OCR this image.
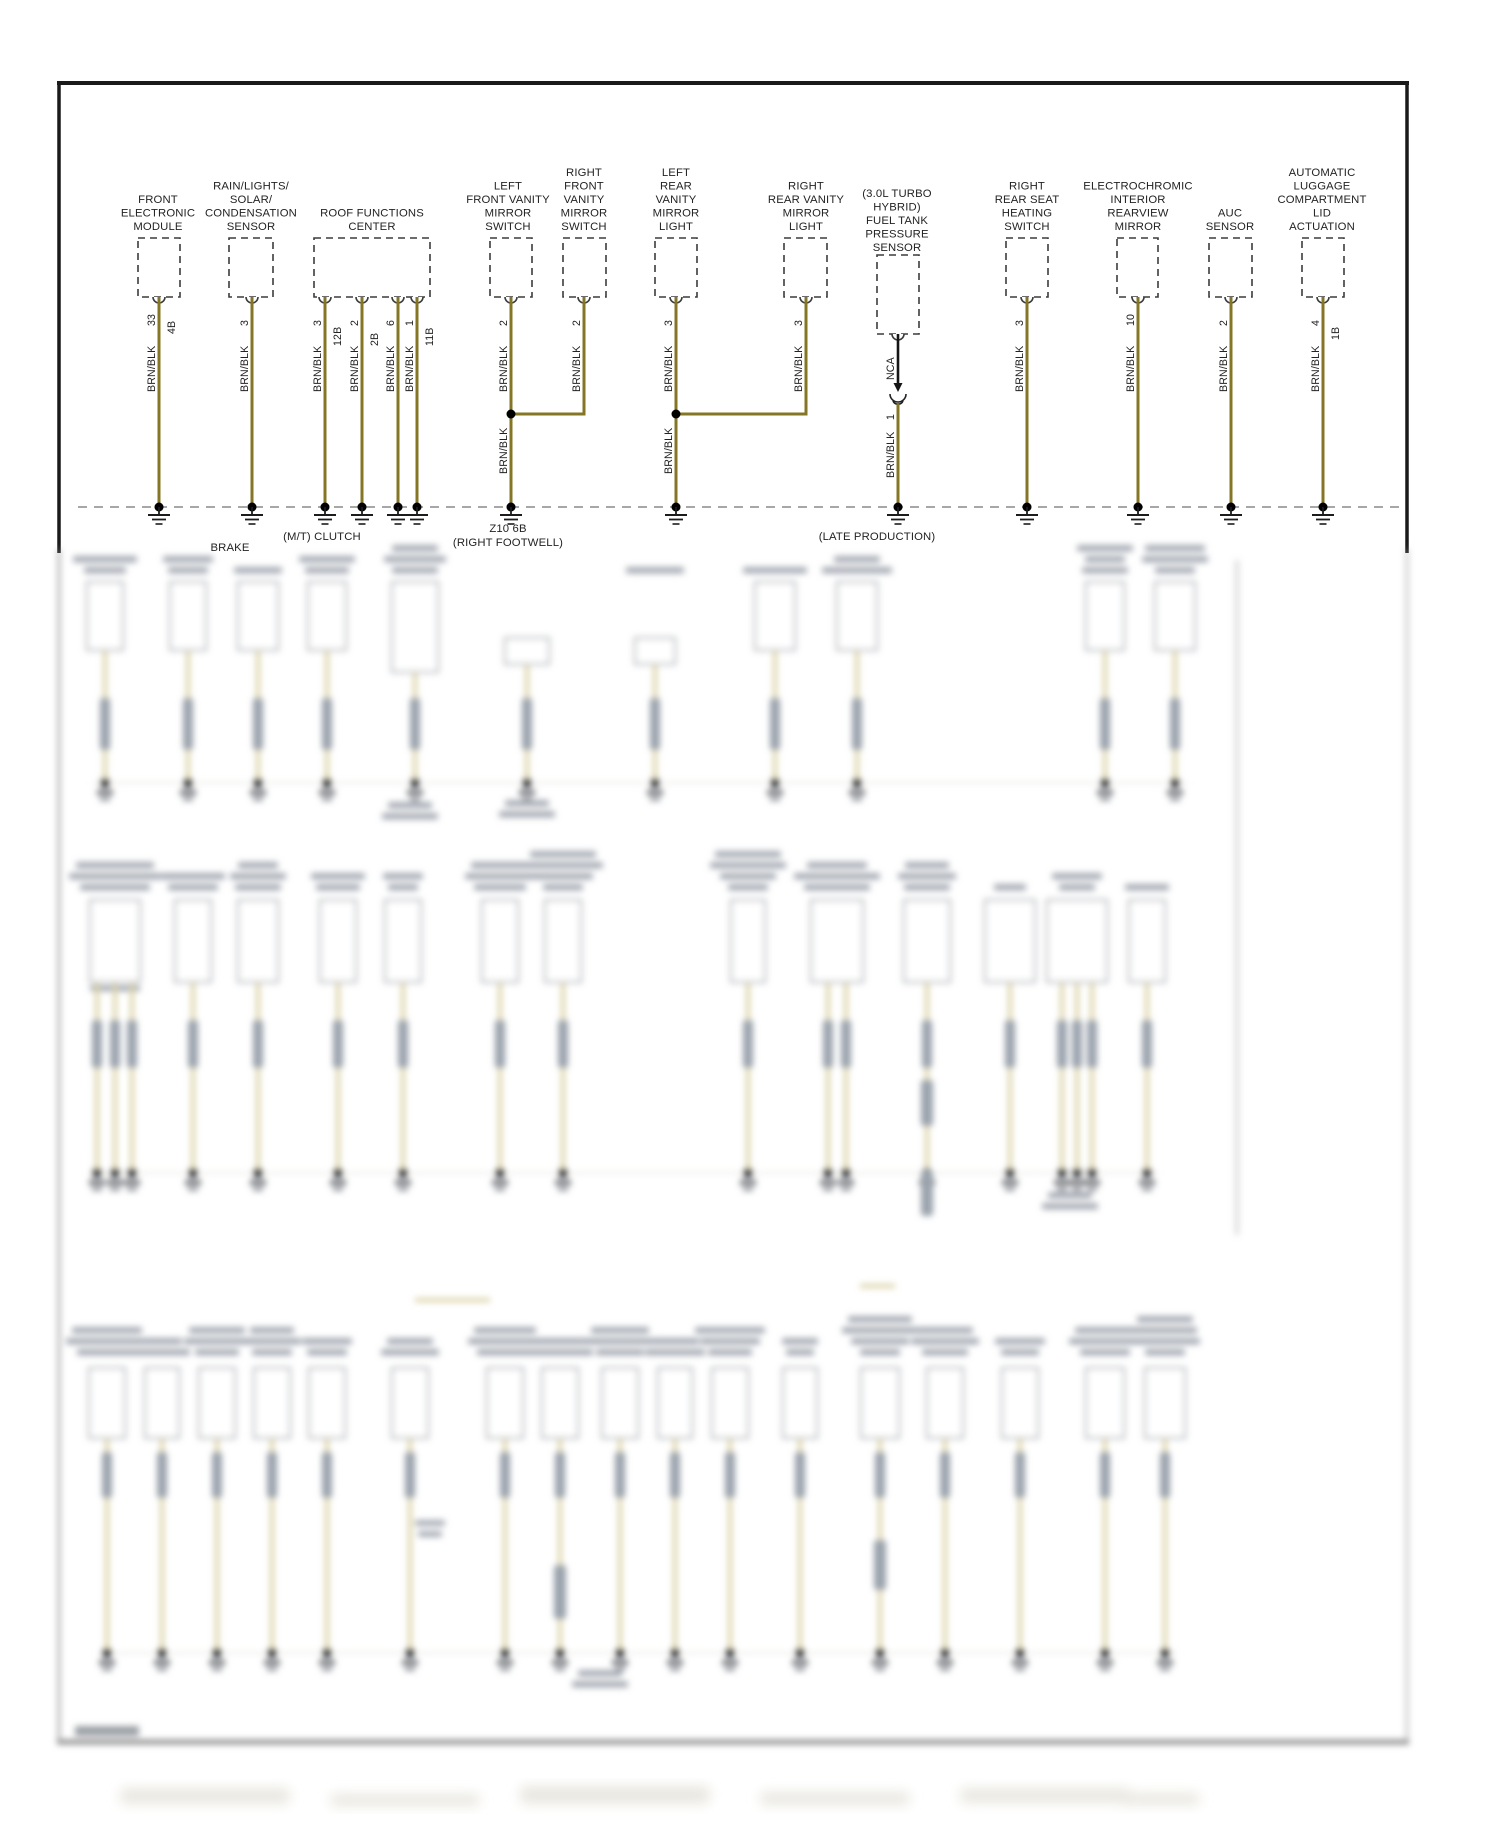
FRONT
ELECTRONIC
MODULE
33
BRN/BLK
4B
RAIN/LIGHTS/
SOLAR/
CONDENSATION
SENSOR
3
BRN/BLK
ROOF FUNCTIONS
CENTER
3
BRN/BLK
12B
2
BRN/BLK
2B
6
BRN/BLK
1
BRN/BLK
11B
LEFT
FRONT VANITY
MIRROR
SWITCH
2
BRN/BLK
BRN/BLK
RIGHT
FRONT
VANITY
MIRROR
SWITCH
2
BRN/BLK
LEFT
REAR
VANITY
MIRROR
LIGHT
3
BRN/BLK
BRN/BLK
RIGHT
REAR VANITY
MIRROR
LIGHT
3
BRN/BLK
(3.0L TURBO
HYBRID)
FUEL TANK
PRESSURE
SENSOR
NCA
1
BRN/BLK
RIGHT
REAR SEAT
HEATING
SWITCH
3
BRN/BLK
ELECTROCHROMIC
INTERIOR
REARVIEW
MIRROR
10
BRN/BLK
AUC
SENSOR
2
BRN/BLK
AUTOMATIC
LUGGAGE
COMPARTMENT
LID
ACTUATION
4
BRN/BLK
1B
Z10 6B
(RIGHT FOOTWELL)	(LATE PRODUCTION)
BRAKE
(M/T) CLUTCH
